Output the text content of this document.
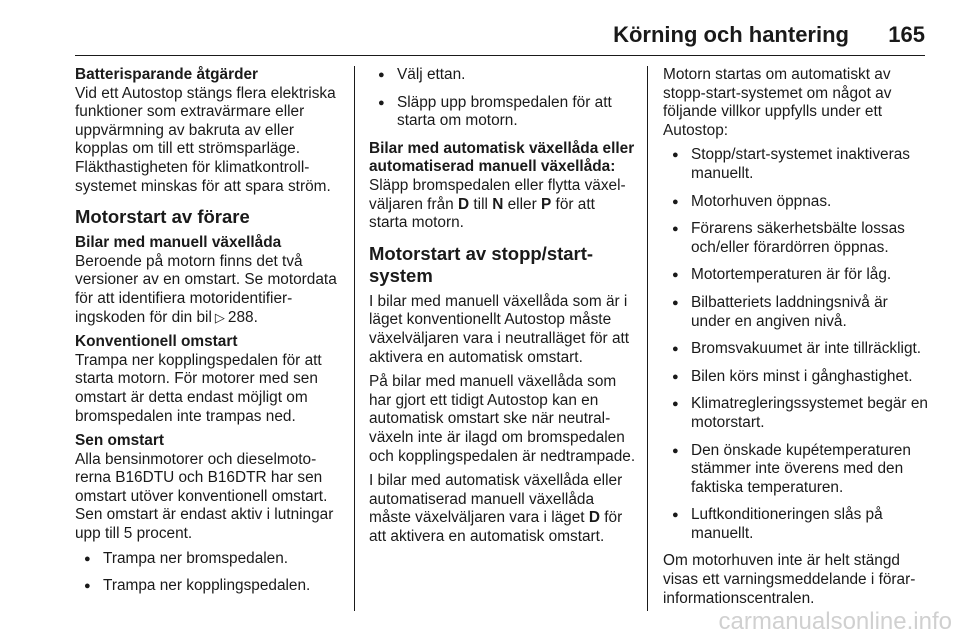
Körning och hantering 165
Batterisparande åtgärder

Vid ett Autostop stängs flera elektriska funktioner som extravärmare eller uppvärmning av bakruta av eller kopplas om till ett strömsparläge. Fläkthastigheten för klimatkontrollsystemet minskas för att spara ström.

Motorstart av förare
Bilar med manuell växellåda

Beroende på motorn finns det två versioner av en omstart. Se motordata för att identifiera motoridentifieringskoden för din bil ▷ 288.

Konventionell omstart

Trampa ner kopplingspedalen för att starta motorn. För motorer med sen omstart är detta endast möjligt om bromspedalen inte trampas ned.

Sen omstart

Alla bensinmotorer och dieselmotorerna B16DTU och B16DTR har sen omstart utöver konventionell omstart. Sen omstart är endast aktiv i lutningar upp till 5 procent.

● Trampa ner bromspedalen.
● Trampa ner kopplingspedalen.
● Välj ettan.
● Släpp upp bromspedalen för att starta om motorn.
Bilar med automatisk växellåda eller automatiserad manuell växellåda:

Släpp bromspedalen eller flytta växelväljaren från D till N eller P för att starta motorn.

Motorstart av stopp/start-system

I bilar med manuell växellåda som är i läget konventionellt Autostop måste växelväljaren vara i neutralläget för att aktivera en automatisk omstart.

På bilar med manuell växellåda som har gjort ett tidigt Autostop kan en automatisk omstart ske när neutralväxeln inte är ilagd om bromspedalen och kopplingspedalen är nedtrampade.

I bilar med automatisk växellåda eller automatiserad manuell växellåda måste växelväljaren vara i läget D för att aktivera en automatisk omstart.

Motorn startas om automatiskt av stopp-start-systemet om något av följande villkor uppfylls under ett Autostop:

● Stopp/start-systemet inaktiveras manuellt.
● Motorhuven öppnas.
● Förarens säkerhetsbälte lossas och/eller förardörren öppnas.
● Motortemperaturen är för låg.
● Bilbatteriets laddningsnivå är under en angiven nivå.
● Bromsvakuumet är inte tillräckligt.
● Bilen körs minst i gånghastighet.
● Klimatregleringssystemet begär en motorstart.
● Den önskade kupétemperaturen stämmer inte överens med den faktiska temperaturen.
● Luftkonditioneringen slås på manuellt.

Om motorhuven inte är helt stängd visas ett varningsmeddelande i förarinformationscentralen.

carmanualsonline.info
